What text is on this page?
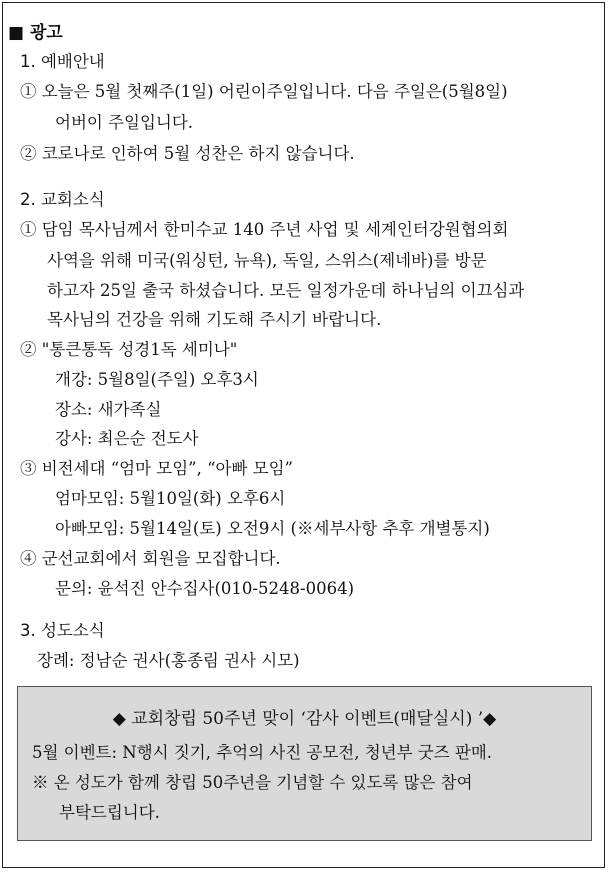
■ 광고
1. 예배안내
① 오늘은 5월 첫째주(1일) 어린이주일입니다. 다음 주일은(5월8일)
어버이 주일입니다.
② 코로나로 인하여 5월 성찬은 하지 않습니다.
2. 교회소식
① 담임 목사님께서 한미수교 140 주년 사업 및 세계인터강원협의회
사역을 위해 미국(워싱턴, 뉴욕), 독일, 스위스(제네바)를 방문
하고자 25일 출국 하셨습니다. 모든 일정가운데 하나님의 이끄심과
목사님의 건강을 위해 기도해 주시기 바랍니다.
② "통큰통독 성경1독 세미나"
개강: 5월8일(주일) 오후3시
장소: 새가족실
강사: 최은순 전도사
③ 비전세대 “엄마 모임”, “아빠 모임”
엄마모임: 5월10일(화) 오후6시
아빠모임: 5월14일(토) 오전9시 (※세부사항 추후 개별통지)
④ 군선교회에서 회원을 모집합니다.
문의: 윤석진 안수집사(010-5248-0064)
3. 성도소식
장례: 정남순 권사(홍종림 권사 시모)
◆ 교회창립 50주년 맞이 ‘감사 이벤트(매달실시) ’◆
5월 이벤트: N행시 짓기, 추억의 사진 공모전, 청년부 굿즈 판매.
※ 온 성도가 함께 창립 50주년을 기념할 수 있도록 많은 참여
부탁드립니다.
